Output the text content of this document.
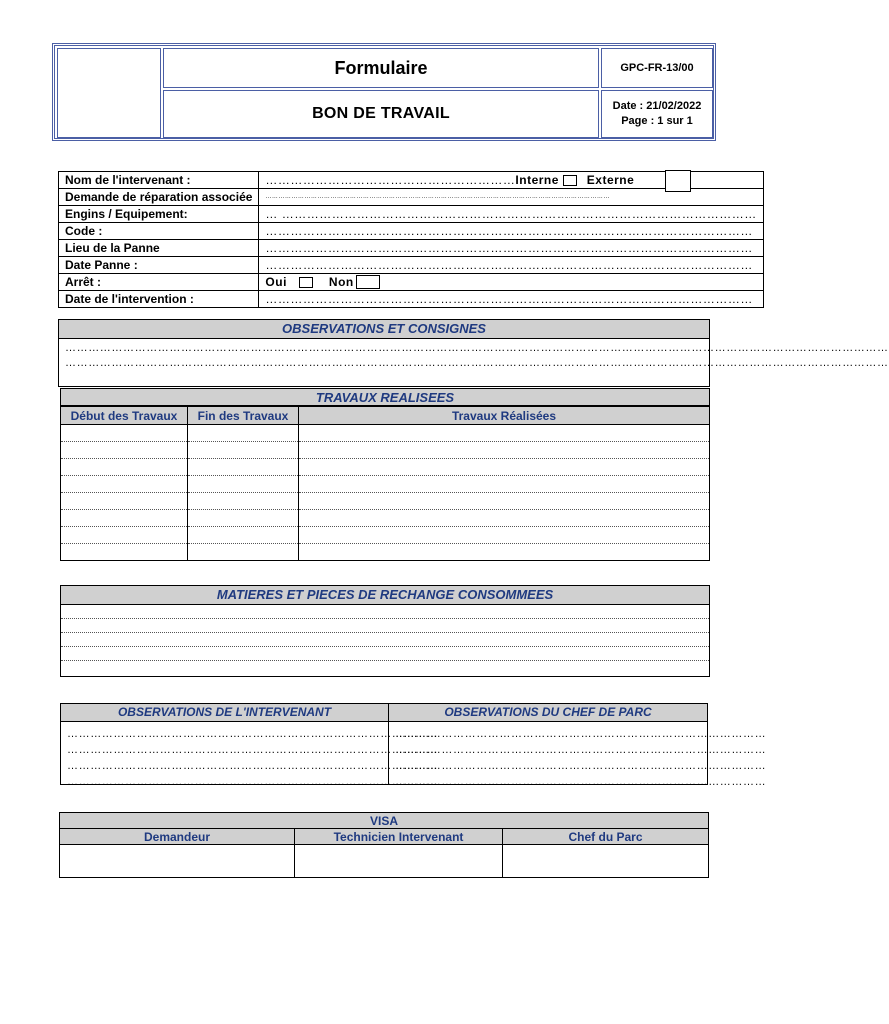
Formulaire
BON DE TRAVAIL
GPC-FR-13/00
Date : 21/02/2022
Page : 1 sur 1
Nom de l'intervenant :	……………………………………………………Interne Externe

Demande de réparation associée	……………………………………………………………………………………………………………………………………………
Engins / Equipement:	… ……………………………………………………………………………………………………
Code :	………………………………………………………………………………………………………
Lieu de la Panne	………………………………………………………………………………………………………
Date Panne :	………………………………………………………………………………………………………
Arrêt :	Oui Non
Date de l'intervention :	………………………………………………………………………………………………………
OBSERVATIONS ET CONSIGNES
……………………………………………………………………………………………………………………………………………………………………………………………
……………………………………………………………………………………………………………………………………………………………………………………………
TRAVAUX REALISEES
Début des Travaux	Fin des Travaux	Travaux Réalisées

MATIERES ET PIECES DE RECHANGE CONSOMMEES
OBSERVATIONS DE L'INTERVENANT
……………………………………………………………………………………
……………………………………………………………………………………
……………………………………………………………………………………
……………………………………………………………………………………
OBSERVATIONS DU CHEF DE PARC
……………………………………………………………………………………
……………………………………………………………………………………
……………………………………………………………………………………
……………………………………………………………………………………
VISA		
Demandeur	Technicien Intervenant	Chef du Parc
